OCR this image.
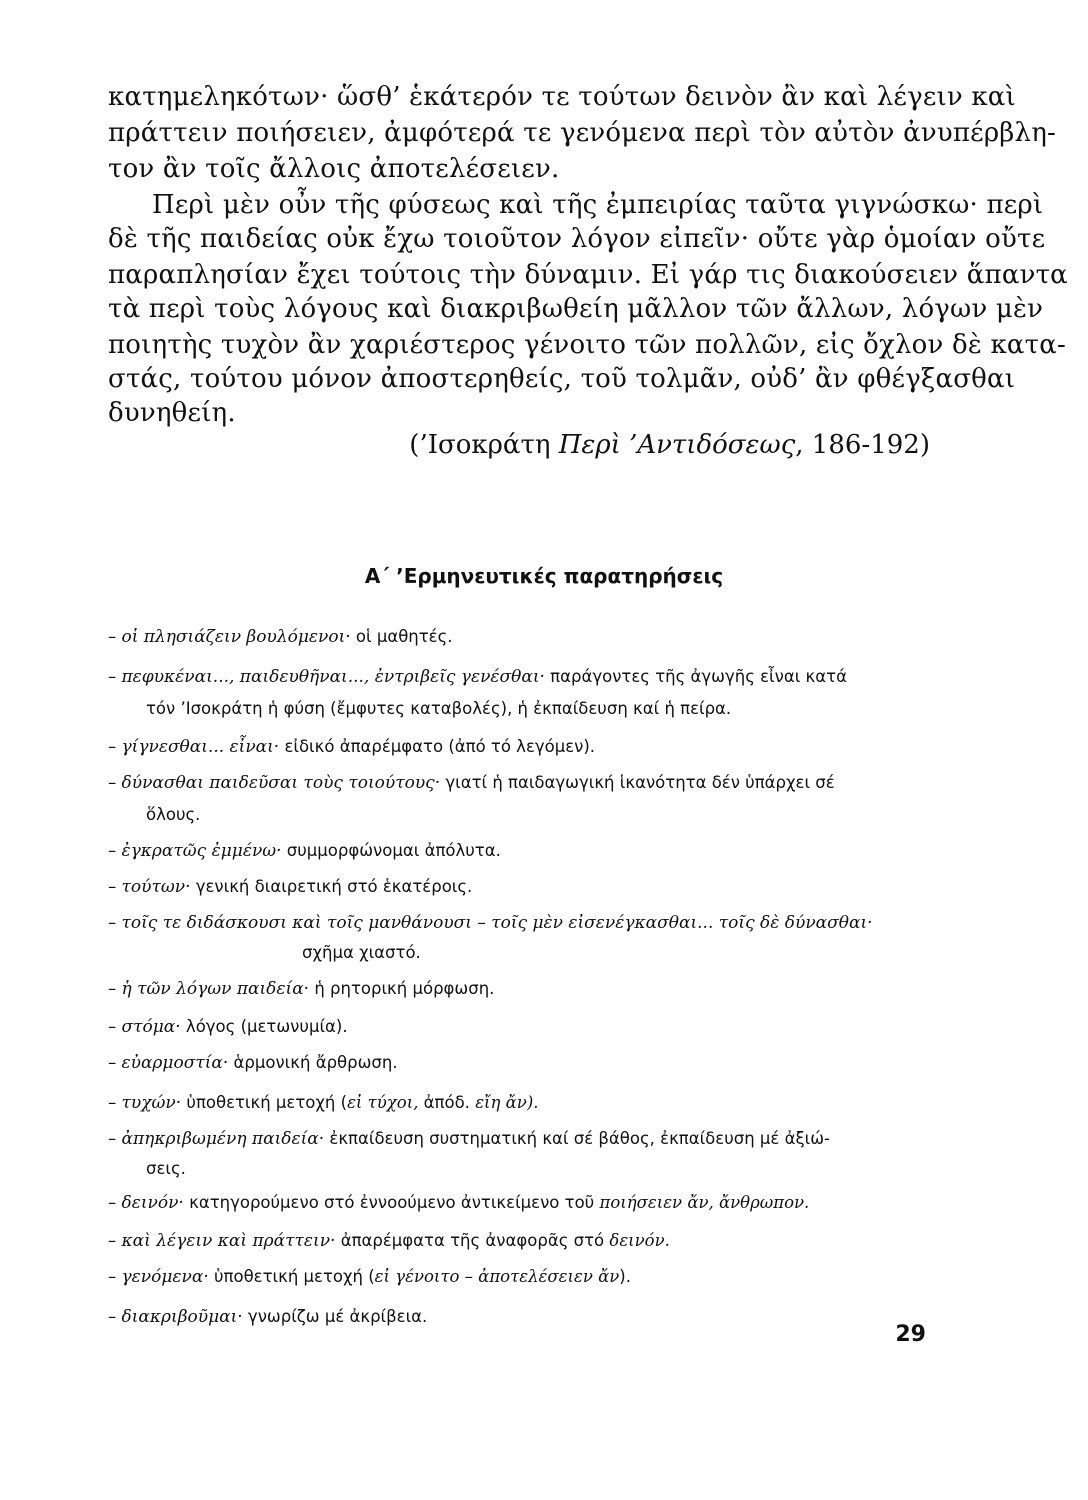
κατημεληκότων· ὥσθ’ ἑκάτερόν τε τούτων δεινὸν ἂν καὶ λέγειν καὶ
πράττειν ποιήσειεν, ἀμφότερά τε γενόμενα περὶ τὸν αὐτὸν ἀνυπέρβλη-
τον ἂν τοῖς ἄλλοις ἀποτελέσειεν.
Περὶ μὲν οὖν τῆς φύσεως καὶ τῆς ἐμπειρίας ταῦτα γιγνώσκω· περὶ
δὲ τῆς παιδείας οὐκ ἔχω τοιοῦτον λόγον εἰπεῖν· οὔτε γὰρ ὁμοίαν οὔτε
παραπλησίαν ἔχει τούτοις τὴν δύναμιν. Εἰ γάρ τις διακούσειεν ἅπαντα
τὰ περὶ τοὺς λόγους καὶ διακριβωθείη μᾶλλον τῶν ἄλλων, λόγων μὲν
ποιητὴς τυχὸν ἂν χαριέστερος γένοιτο τῶν πολλῶν, εἰς ὄχλον δὲ κατα-
στάς, τούτου μόνον ἀποστερηθείς, τοῦ τολμᾶν, οὐδ’ ἂν φθέγξασθαι
δυνηθείη.
(’Ισοκράτη Περὶ ’Αντιδόσεως, 186-192)
Α΄ ’Ερμηνευτικές παρατηρήσεις
– οἱ πλησιάζειν βουλόμενοι· οἱ μαθητές.
– πεφυκέναι..., παιδευθῆναι..., ἐντριβεῖς γενέσθαι· παράγοντες τῆς ἀγωγῆς εἶναι κατά
τόν ’Ισοκράτη ἡ φύση (ἔμφυτες καταβολές), ἡ ἐκπαίδευση καί ἡ πείρα.
– γίγνεσθαι... εἶναι· εἰδικό ἀπαρέμφατο (ἀπό τό λεγόμεν).
– δύνασθαι παιδεῦσαι τοὺς τοιούτους· γιατί ἡ παιδαγωγική ἱκανότητα δέν ὑπάρχει σέ
ὅλους.
– ἐγκρατῶς ἐμμένω· συμμορφώνομαι ἀπόλυτα.
– τούτων· γενική διαιρετική στό ἑκατέροις.
– τοῖς τε διδάσκουσι καὶ τοῖς μανθάνουσι – τοῖς μὲν εἰσενέγκασθαι... τοῖς δὲ δύνασθαι·
σχῆμα χιαστό.
– ἡ τῶν λόγων παιδεία· ἡ ρητορική μόρφωση.
– στόμα· λόγος (μετωνυμία).
– εὐαρμοστία· ἁρμονική ἄρθρωση.
– τυχών· ὑποθετική μετοχή (εἰ τύχοι, ἀπόδ. εἴη ἄν).
– ἀπηκριβωμένη παιδεία· ἐκπαίδευση συστηματική καί σέ βάθος, ἐκπαίδευση μέ ἀξιώ-
σεις.
– δεινόν· κατηγορούμενο στό ἐννοούμενο ἀντικείμενο τοῦ ποιήσειεν ἄν, ἄνθρωπον.
– καὶ λέγειν καὶ πράττειν· ἀπαρέμφατα τῆς ἀναφορᾶς στό δεινόν.
– γενόμενα· ὑποθετική μετοχή (εἰ γένοιτο – ἀποτελέσειεν ἄν).
– διακριβοῦμαι· γνωρίζω μέ ἀκρίβεια.
29
